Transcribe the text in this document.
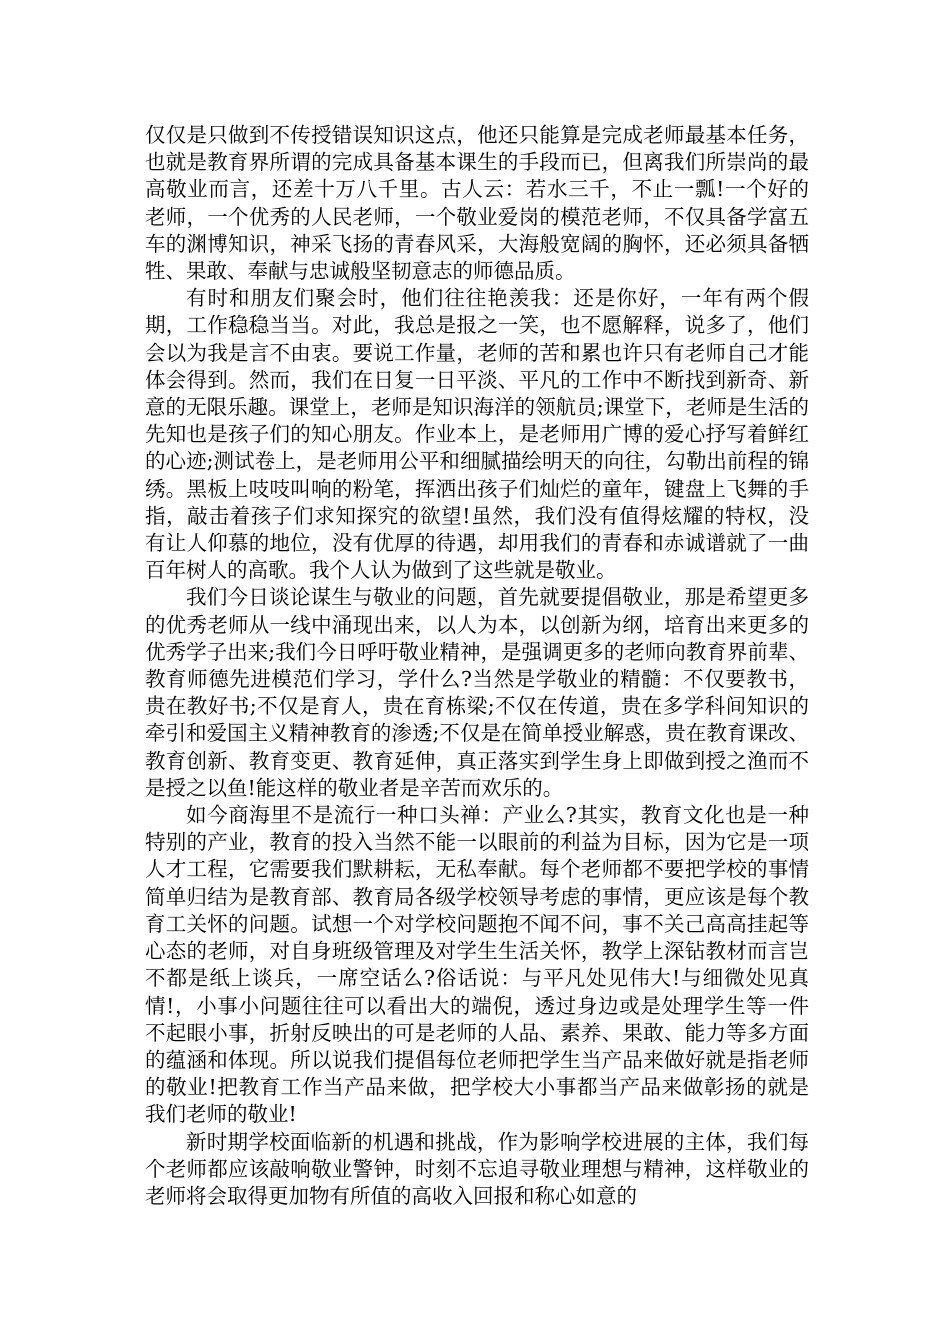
仅仅是只做到不传授错误知识这点，他还只能算是完成老师最基本任务，也就是教育界所谓的完成具备基本课生的手段而已，但离我们所崇尚的最高敬业而言，还差十万八千里。古人云：若水三千，不止一瓢!一个好的老师，一个优秀的人民老师，一个敬业爱岗的模范老师，不仅具备学富五车的渊博知识，神采飞扬的青春风采，大海般宽阔的胸怀，还必须具备牺牲、果敢、奉献与忠诚般坚韧意志的师德品质。

有时和朋友们聚会时，他们往往艳羡我：还是你好，一年有两个假期，工作稳稳当当。对此，我总是报之一笑，也不愿解释，说多了，他们会以为我是言不由衷。要说工作量，老师的苦和累也许只有老师自己才能体会得到。然而，我们在日复一日平淡、平凡的工作中不断找到新奇、新意的无限乐趣。课堂上，老师是知识海洋的领航员;课堂下，老师是生活的先知也是孩子们的知心朋友。作业本上，是老师用广博的爱心抒写着鲜红的心迹;测试卷上，是老师用公平和细腻描绘明天的向往，勾勒出前程的锦绣。黑板上吱吱叫响的粉笔，挥洒出孩子们灿烂的童年，键盘上飞舞的手指，敲击着孩子们求知探究的欲望!虽然，我们没有值得炫耀的特权，没有让人仰慕的地位，没有优厚的待遇，却用我们的青春和赤诚谱就了一曲百年树人的高歌。我个人认为做到了这些就是敬业。

我们今日谈论谋生与敬业的问题，首先就要提倡敬业，那是希望更多的优秀老师从一线中涌现出来，以人为本，以创新为纲，培育出来更多的优秀学子出来;我们今日呼吁敬业精神，是强调更多的老师向教育界前辈、教育师德先进模范们学习，学什么?当然是学敬业的精髓：不仅要教书，贵在教好书;不仅是育人，贵在育栋梁;不仅在传道，贵在多学科间知识的牵引和爱国主义精神教育的渗透;不仅是在简单授业解惑，贵在教育课改、教育创新、教育变更、教育延伸，真正落实到学生身上即做到授之渔而不是授之以鱼!能这样的敬业者是辛苦而欢乐的。

如今商海里不是流行一种口头禅：产业么?其实，教育文化也是一种特别的产业，教育的投入当然不能一以眼前的利益为目标，因为它是一项人才工程，它需要我们默耕耘，无私奉献。每个老师都不要把学校的事情简单归结为是教育部、教育局各级学校领导考虑的事情，更应该是每个教育工关怀的问题。试想一个对学校问题抱不闻不问，事不关己高高挂起等心态的老师，对自身班级管理及对学生生活关怀，教学上深钻教材而言岂不都是纸上谈兵，一席空话么?俗话说：与平凡处见伟大!与细微处见真情!，小事小问题往往可以看出大的端倪，透过身边或是处理学生等一件不起眼小事，折射反映出的可是老师的人品、素养、果敢、能力等多方面的蕴涵和体现。所以说我们提倡每位老师把学生当产品来做好就是指老师的敬业!把教育工作当产品来做，把学校大小事都当产品来做彰扬的就是我们老师的敬业!

新时期学校面临新的机遇和挑战，作为影响学校进展的主体，我们每个老师都应该敲响敬业警钟，时刻不忘追寻敬业理想与精神，这样敬业的老师将会取得更加物有所值的高收入回报和称心如意的
